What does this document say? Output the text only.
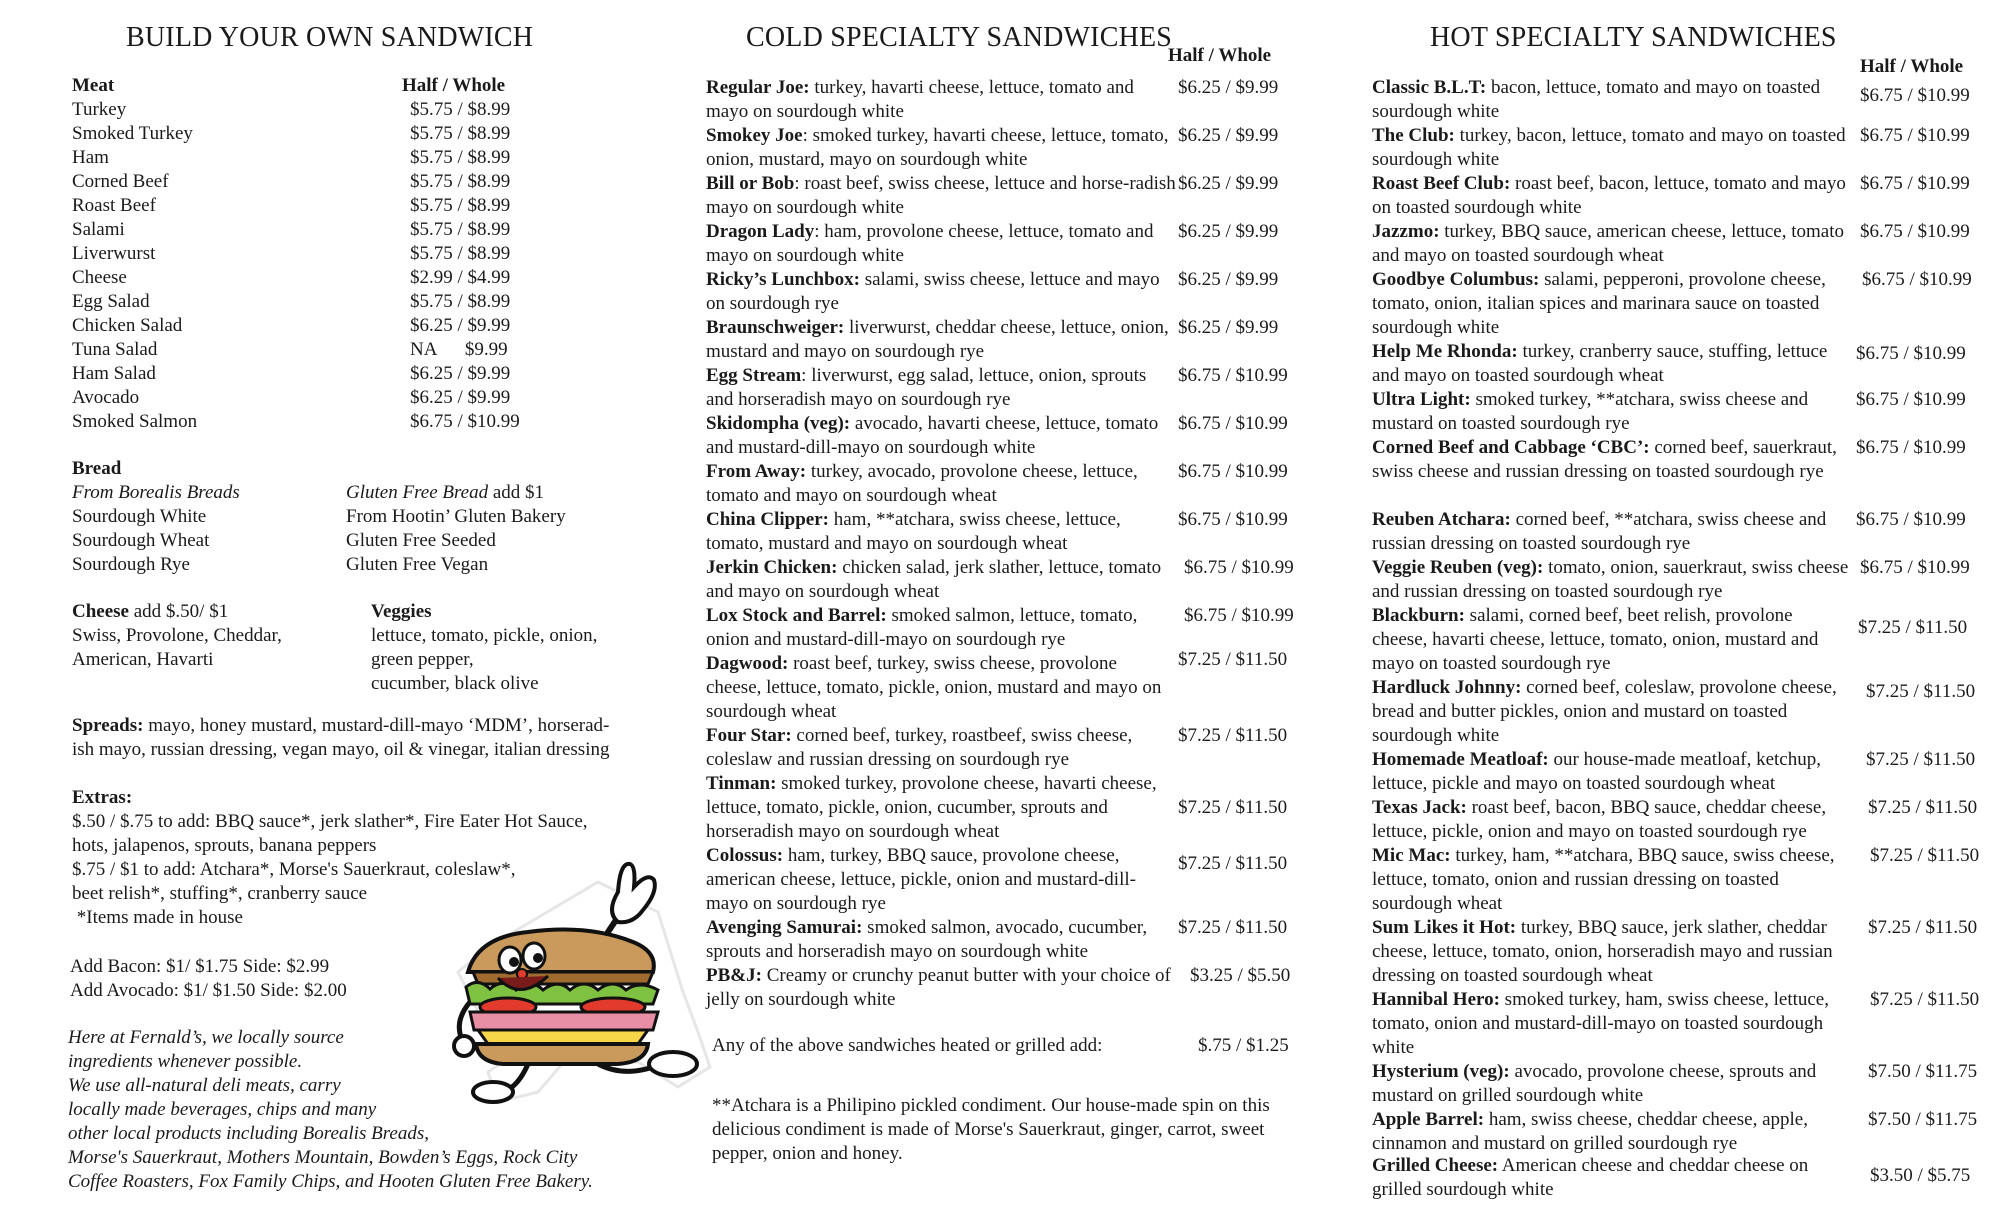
BUILD YOUR OWN SANDWICH
Meat	Half / Whole
Turkey	$5.75 / $8.99
Smoked Turkey	$5.75 / $8.99
Ham	$5.75 / $8.99
Corned Beef	$5.75 / $8.99
Roast Beef	$5.75 / $8.99
Salami	$5.75 / $8.99
Liverwurst	$5.75 / $8.99
Cheese	$2.99 / $4.99
Egg Salad	$5.75 / $8.99
Chicken Salad	$6.25 / $9.99
Tuna Salad	NA      $9.99
Ham Salad	$6.25 / $9.99
Avocado	$6.25 / $9.99
Smoked Salmon	$6.75 / $10.99
Bread
From Borealis Breads
Sourdough White
Sourdough Wheat
Sourdough Rye
Gluten Free Bread add $1
From Hootin’ Gluten Bakery
Gluten Free Seeded
Gluten Free Vegan
Cheese add $.50/ $1
Swiss, Provolone, Cheddar,
American, Havarti
Veggies
lettuce, tomato, pickle, onion,
green pepper,
cucumber, black olive
Spreads: mayo, honey mustard, mustard-dill-mayo ‘MDM’, horserad-
ish mayo, russian dressing, vegan mayo, oil & vinegar, italian dressing
Extras:
$.50 / $.75 to add: BBQ sauce*, jerk slather*, Fire Eater Hot Sauce,
hots, jalapenos, sprouts, banana peppers
$.75 / $1 to add: Atchara*, Morse's Sauerkraut, coleslaw*,
beet relish*, stuffing*, cranberry sauce
*Items made in house
Add Bacon: $1/ $1.75 Side: $2.99
Add Avocado: $1/ $1.50 Side: $2.00
Here at Fernald’s, we locally source
ingredients whenever possible.
We use all-natural deli meats, carry
locally made beverages, chips and many
other local products including Borealis Breads,
Morse's Sauerkraut, Mothers Mountain, Bowden’s Eggs, Rock City
Coffee Roasters, Fox Family Chips, and Hooten Gluten Free Bakery.
COLD SPECIALTY SANDWICHES
Half / Whole
Regular Joe: turkey, havarti cheese, lettuce, tomato and mayo on sourdough white
$6.25 / $9.99
Smokey Joe: smoked turkey, havarti cheese, lettuce, tomato, onion, mustard, mayo on sourdough white
$6.25 / $9.99
Bill or Bob: roast beef, swiss cheese, lettuce and horse-radish mayo on sourdough white
$6.25 / $9.99
Dragon Lady: ham, provolone cheese, lettuce, tomato and mayo on sourdough white
$6.25 / $9.99
Ricky’s Lunchbox: salami, swiss cheese, lettuce and mayo on sourdough rye
$6.25 / $9.99
Braunschweiger: liverwurst, cheddar cheese, lettuce, onion, mustard and mayo on sourdough rye
$6.25 / $9.99
Egg Stream: liverwurst, egg salad, lettuce, onion, sprouts and horseradish mayo on sourdough rye
$6.75 / $10.99
Skidompha (veg): avocado, havarti cheese, lettuce, tomato and mustard-dill-mayo on sourdough white
$6.75 / $10.99
From Away: turkey, avocado, provolone cheese, lettuce, tomato and mayo on sourdough wheat
$6.75 / $10.99
China Clipper: ham, **atchara, swiss cheese, lettuce, tomato, mustard and mayo on sourdough wheat
$6.75 / $10.99
Jerkin Chicken: chicken salad, jerk slather, lettuce, tomato and mayo on sourdough wheat
$6.75 / $10.99
Lox Stock and Barrel: smoked salmon, lettuce, tomato, onion and mustard-dill-mayo on sourdough rye
$6.75 / $10.99
Dagwood: roast beef, turkey, swiss cheese, provolone cheese, lettuce, tomato, pickle, onion, mustard and mayo on sourdough wheat
$7.25 / $11.50
Four Star: corned beef, turkey, roastbeef, swiss cheese, coleslaw and russian dressing on sourdough rye
$7.25 / $11.50
Tinman: smoked turkey, provolone cheese, havarti cheese, lettuce, tomato, pickle, onion, cucumber, sprouts and horseradish mayo on sourdough wheat
$7.25 / $11.50
Colossus: ham, turkey, BBQ sauce, provolone cheese, american cheese, lettuce, pickle, onion and mustard-dill-mayo on sourdough rye
$7.25 / $11.50
Avenging Samurai: smoked salmon, avocado, cucumber, sprouts and horseradish mayo on sourdough white
$7.25 / $11.50
PB&J: Creamy or crunchy peanut butter with your choice of jelly on sourdough white
$3.25 / $5.50
Any of the above sandwiches heated or grilled add:	$.75 / $1.25
**Atchara is a Philipino pickled condiment. Our house-made spin on this delicious condiment is made of Morse's Sauerkraut, ginger, carrot, sweet pepper, onion and honey.
HOT SPECIALTY SANDWICHES
Half / Whole
Classic B.L.T: bacon, lettuce, tomato and mayo on toasted sourdough white
$6.75 / $10.99
The Club: turkey, bacon, lettuce, tomato and mayo on toasted sourdough white
$6.75 / $10.99
Roast Beef Club: roast beef, bacon, lettuce, tomato and mayo on toasted sourdough white
$6.75 / $10.99
Jazzmo: turkey, BBQ sauce, american cheese, lettuce, tomato and mayo on toasted sourdough wheat
$6.75 / $10.99
Goodbye Columbus: salami, pepperoni, provolone cheese, tomato, onion, italian spices and marinara sauce on toasted sourdough white
$6.75 / $10.99
Help Me Rhonda: turkey, cranberry sauce, stuffing, lettuce and mayo on toasted sourdough wheat
$6.75 / $10.99
Ultra Light: smoked turkey, **atchara, swiss cheese and mustard on toasted sourdough rye
$6.75 / $10.99
Corned Beef and Cabbage ‘CBC’: corned beef, sauerkraut, swiss cheese and russian dressing on toasted sourdough rye
$6.75 / $10.99
Reuben Atchara: corned beef, **atchara, swiss cheese and russian dressing on toasted sourdough rye
$6.75 / $10.99
Veggie Reuben (veg): tomato, onion, sauerkraut, swiss cheese and russian dressing on toasted sourdough rye
$6.75 / $10.99
Blackburn: salami, corned beef, beet relish, provolone cheese, havarti cheese, lettuce, tomato, onion, mustard and mayo on toasted sourdough rye
$7.25 / $11.50
Hardluck Johnny: corned beef, coleslaw, provolone cheese, bread and butter pickles, onion and mustard on toasted sourdough white
$7.25 / $11.50
Homemade Meatloaf: our house-made meatloaf, ketchup, lettuce, pickle and mayo on toasted sourdough wheat
$7.25 / $11.50
Texas Jack: roast beef, bacon, BBQ sauce, cheddar cheese, lettuce, pickle, onion and mayo on toasted sourdough rye
$7.25 / $11.50
Mic Mac: turkey, ham, **atchara, BBQ sauce, swiss cheese, lettuce, tomato, onion and russian dressing on toasted sourdough wheat
$7.25 / $11.50
Sum Likes it Hot: turkey, BBQ sauce, jerk slather, cheddar cheese, lettuce, tomato, onion, horseradish mayo and russian dressing on toasted sourdough wheat
$7.25 / $11.50
Hannibal Hero: smoked turkey, ham, swiss cheese, lettuce, tomato, onion and mustard-dill-mayo on toasted sourdough white
$7.25 / $11.50
Hysterium (veg): avocado, provolone cheese, sprouts and mustard on grilled sourdough white
$7.50 / $11.75
Apple Barrel: ham, swiss cheese, cheddar cheese, apple, cinnamon and mustard on grilled sourdough rye
$7.50 / $11.75
Grilled Cheese: American cheese and cheddar cheese on grilled sourdough white
$3.50 / $5.75
